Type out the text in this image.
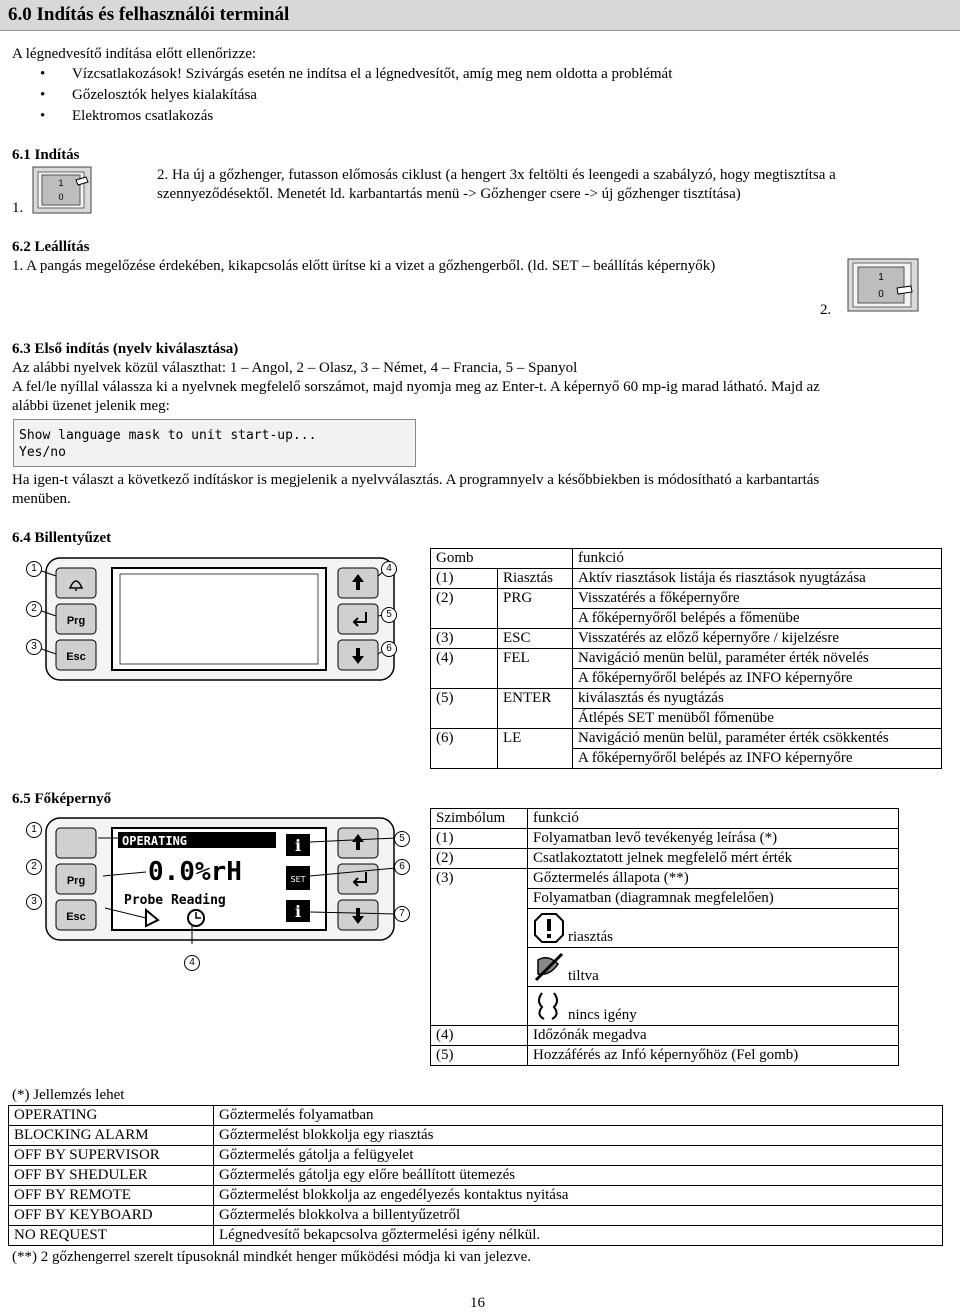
6.0 Indítás és felhasználói terminál
A légnedvesítő indítása előtt ellenőrizze:
• Vízcsatlakozások! Szivárgás esetén ne indítsa el a légnedvesítőt, amíg meg nem oldotta a problémát
• Gőzelosztók helyes kialakítása
• Elektromos csatlakozás
6.1 Indítás
1.
1
0
2. Ha új a gőzhenger, futasson előmosás ciklust (a hengert 3x feltölti és leengedi a szabályzó, hogy megtisztítsa a
szennyeződésektől. Menetét ld. karbantartás menü -> Gőzhenger csere -> új gőzhenger tisztítása)
6.2 Leállítás
1. A pangás megelőzése érdekében, kikapcsolás előtt ürítse ki a vizet a gőzhengerből. (ld. SET – beállítás képernyők)
1
0
2.
6.3 Első indítás (nyelv kiválasztása)
Az alábbi nyelvek közül választhat: 1 – Angol, 2 – Olasz, 3 – Német, 4 – Francia, 5 – Spanyol
A fel/le nyíllal válassza ki a nyelvnek megfelelő sorszámot, majd nyomja meg az Enter-t. A képernyő 60 mp-ig marad látható. Majd az
alábbi üzenet jelenik meg:
Show language mask to unit start-up...
Yes/no
Ha igen-t választ a következő indításkor is megjelenik a nyelvválasztás. A programnyelv a későbbiekben is módosítható a karbantartás
menüben.
6.4 Billentyűzet
Prg
Esc
1
2
3
4
5
6
Gomb		funkció
(1)	Riasztás	Aktív riasztások listája és riasztások nyugtázása
(2)	PRG	Visszatérés a főképernyőre
		A főképernyőről belépés a főmenübe
(3)	ESC	Visszatérés az előző képernyőre / kijelzésre
(4)	FEL	Navigáció menün belül, paraméter érték növelés
		A főképernyőről belépés az INFO képernyőre
(5)	ENTER	kiválasztás és nyugtázás
		Átlépés SET menüből főmenübe
(6)	LE	Navigáció menün belül, paraméter érték csökkentés
		A főképernyőről belépés az INFO képernyőre
6.5 Főképernyő
OPERATING
0.0%rH
Probe Reading
i
SET
i
Prg
Esc
1
2
3
4
5
6
7
Szimbólum	funkció
(1)	Folyamatban levő tevékenyég leírása (*)
(2)	Csatlakoztatott jelnek megfelelő mért érték
(3)	Gőztermelés állapota (**)
	Folyamatban (diagramnak megfelelően)

	riasztás

	tiltva

	nincs igény

(4)	Időzónák megadva
(5)	Hozzáférés az Infó képernyőhöz (Fel gomb)
(*) Jellemzés lehet
OPERATING	Gőztermelés folyamatban
BLOCKING ALARM	Gőztermelést blokkolja egy riasztás
OFF BY SUPERVISOR	Gőztermelés gátolja a felügyelet
OFF BY SHEDULER	Gőztermelés gátolja egy előre beállított ütemezés
OFF BY REMOTE	Gőztermelést blokkolja az engedélyezés kontaktus nyitása
OFF BY KEYBOARD	Gőztermelés blokkolva a billentyűzetről
NO REQUEST	Légnedvesítő bekapcsolva gőztermelési igény nélkül.
(**) 2 gőzhengerrel szerelt típusoknál mindkét henger működési módja ki van jelezve.
16
